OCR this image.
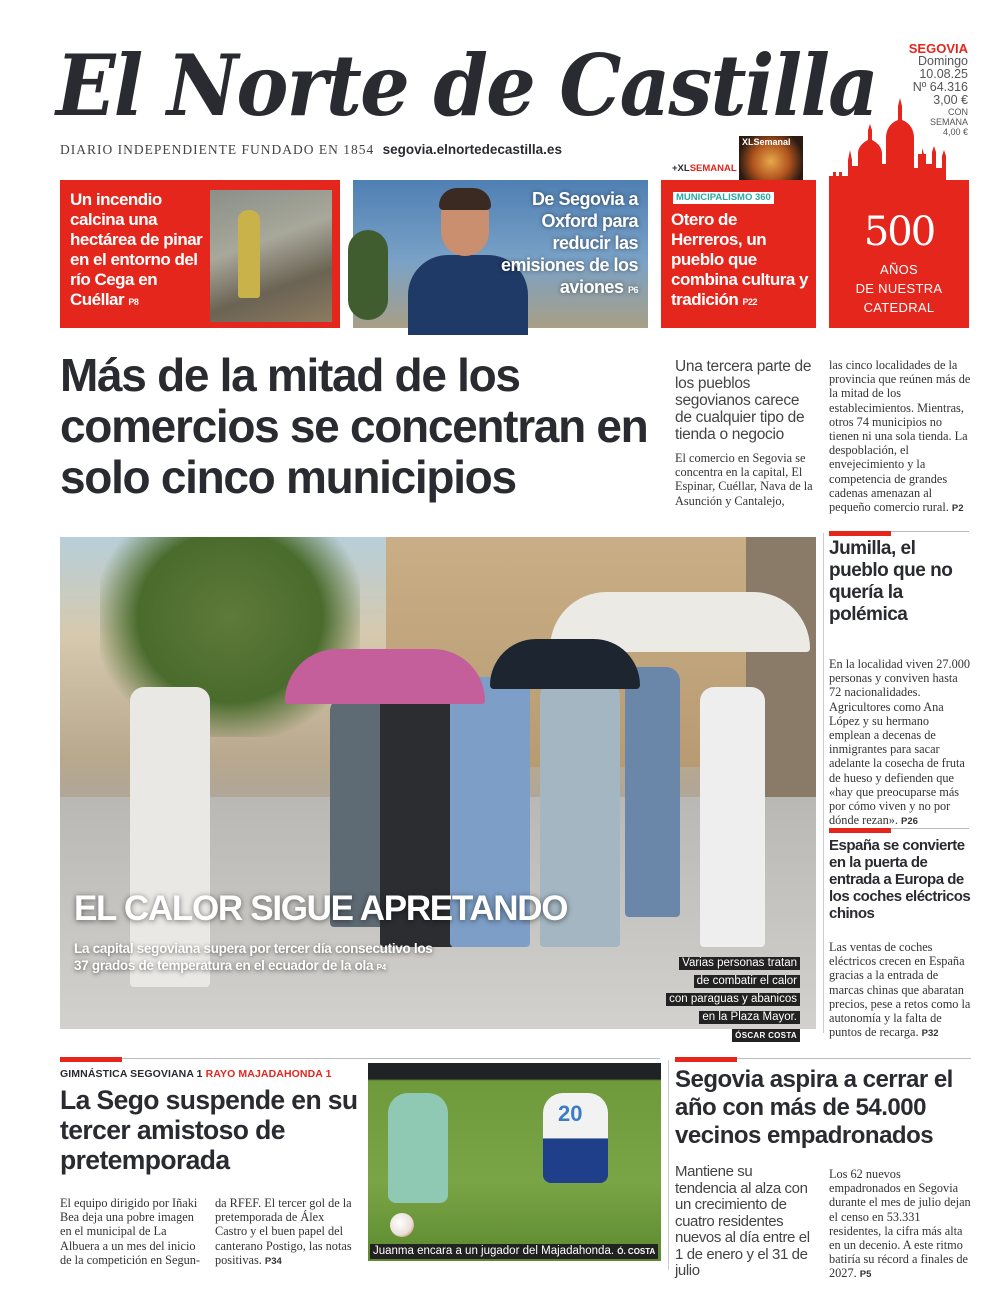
El Norte de Castilla
DIARIO INDEPENDIENTE FUNDADO EN 1854 segovia.elnortedecastilla.es
SEGOVIA
Domingo
10.08.25
Nº 64.316
3,00 €
CON
SEMANA
4,00 €
XLSemanal
+XLSEMANAL
Un incendio calcina una hectárea de pinar en el entorno del río Cega en Cuéllar P8
De Segovia a Oxford para reducir las emisiones de los aviones P6
MUNICIPALISMO 360
Otero de Herreros, un pueblo que combina cultura y tradición P22
500
AÑOS
DE NUESTRA
CATEDRAL
Más de la mitad de los comercios se concentran en solo cinco municipios
Una tercera parte de los pueblos segovianos carece de cualquier tipo de tienda o negocio
El comercio en Segovia se concentra en la capital, El Espinar, Cuéllar, Nava de la Asunción y Cantalejo,
las cinco localidades de la provincia que reúnen más de la mitad de los establecimientos. Mientras, otros 74 municipios no tienen ni una sola tienda. La despoblación, el envejecimiento y la competencia de grandes cadenas amenazan al pequeño comercio rural. P2
EL CALOR SIGUE APRETANDO
La capital segoviana supera por tercer día consecutivo los 37 grados de temperatura en el ecuador de la ola P4	Varias personas tratan
de combatir el calor
con paraguas y abanicos
en la Plaza Mayor.
ÓSCAR COSTA
Jumilla, el pueblo que no quería la polémica
En la localidad viven 27.000 personas y conviven hasta 72 nacionalidades. Agricultores como Ana López y su hermano emplean a decenas de inmigrantes para sacar adelante la cosecha de fruta de hueso y defienden que «hay que preocuparse más por cómo viven y no por dónde rezan». P26
España se convierte en la puerta de entrada a Europa de los coches eléctricos chinos
Las ventas de coches eléctricos crecen en España gracias a la entrada de marcas chinas que abaratan precios, pese a retos como la autonomía y la falta de puntos de recarga. P32
GIMNÁSTICA SEGOVIANA 1 RAYO MAJADAHONDA 1
La Sego suspende en su tercer amistoso de pretemporada
El equipo dirigido por Iñaki Bea deja una pobre imagen en el municipal de La Albuera a un mes del inicio de la competición en Segun-
da RFEF. El tercer gol de la pretemporada de Álex Castro y el buen papel del canterano Postigo, las notas positivas. P34
20
Juanma encara a un jugador del Majadahonda. Ó. COSTA
Segovia aspira a cerrar el año con más de 54.000 vecinos empadronados
Mantiene su tendencia al alza con un crecimiento de cuatro residentes nuevos al día entre el 1 de enero y el 31 de julio
Los 62 nuevos empadronados en Segovia durante el mes de julio dejan el censo en 53.331 residentes, la cifra más alta en un decenio. A este ritmo batiría su récord a finales de 2027. P5
